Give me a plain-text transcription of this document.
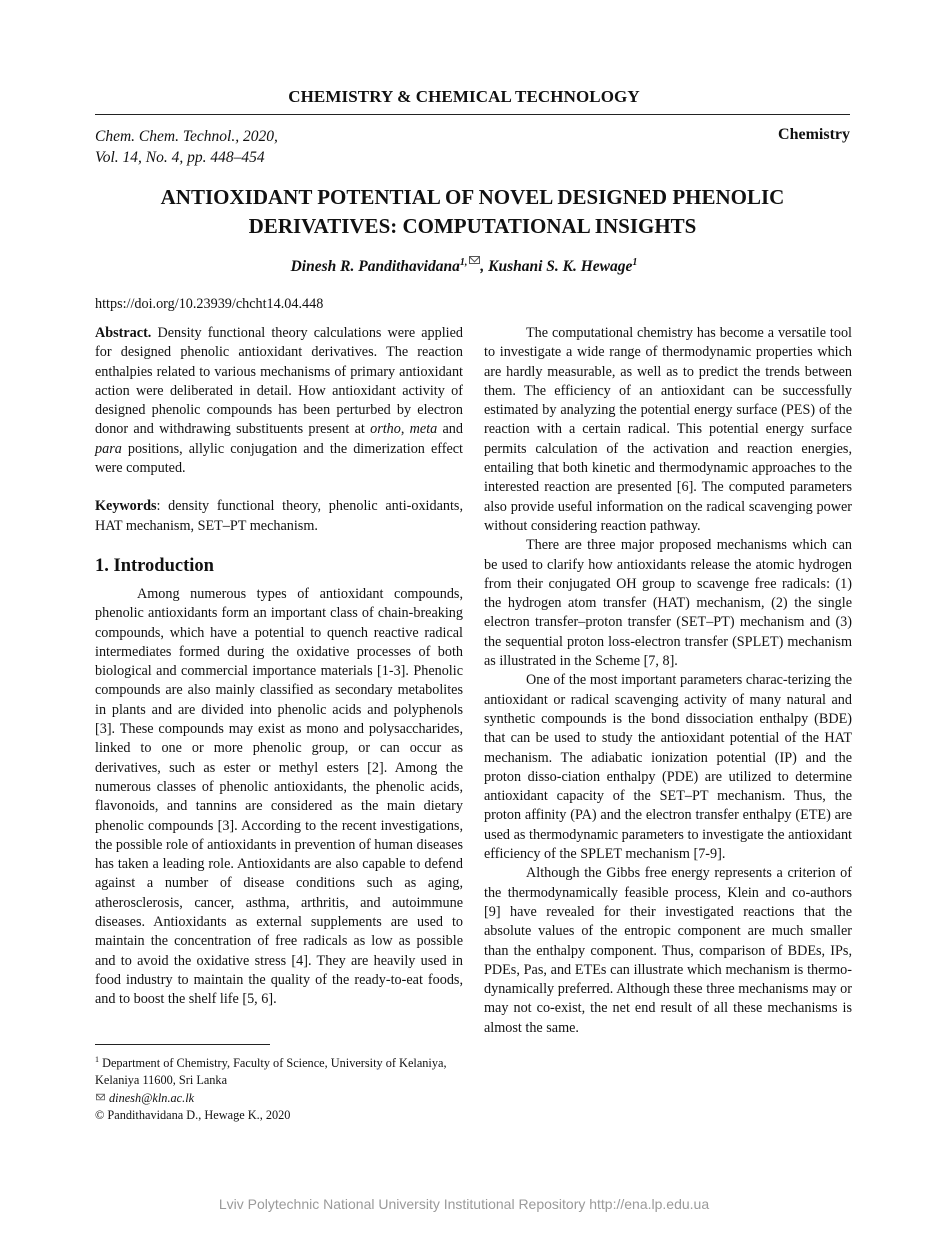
CHEMISTRY & CHEMICAL TECHNOLOGY
Chem. Chem. Technol., 2020,
Vol. 14, No. 4, pp. 448–454
Chemistry
ANTIOXIDANT POTENTIAL OF NOVEL DESIGNED PHENOLIC
DERIVATIVES: COMPUTATIONAL INSIGHTS
Dinesh R. Pandithavidana$^{1,}$ , Kushani S. K. Hewage$^1$
https://doi.org/10.23939/chcht14.04.448

Abstract. Density functional theory calculations were applied for designed phenolic antioxidant derivatives. The reaction enthalpies related to various mechanisms of primary antioxidant action were deliberated in detail. How antioxidant activity of designed phenolic compounds has been perturbed by electron donor and withdrawing substituents present at ortho, meta and para positions, allylic conjugation and the dimerization effect were computed.

Keywords: density functional theory, phenolic anti-oxidants, HAT mechanism, SET–PT mechanism.

1. Introduction

Among numerous types of antioxidant compounds, phenolic antioxidants form an important class of chain-breaking compounds, which have a potential to quench reactive radical intermediates formed during the oxidative processes of both biological and commercial importance materials [1-3]. Phenolic compounds are also mainly classified as secondary metabolites in plants and are divided into phenolic acids and polyphenols [3]. These compounds may exist as mono and polysaccharides, linked to one or more phenolic group, or can occur as derivatives, such as ester or methyl esters [2]. Among the numerous classes of phenolic antioxidants, the phenolic acids, flavonoids, and tannins are considered as the main dietary phenolic compounds [3]. According to the recent investigations, the possible role of antioxidants in prevention of human diseases has taken a leading role. Antioxidants are also capable to defend against a number of disease conditions such as aging, atherosclerosis, cancer, asthma, arthritis, and autoimmune diseases. Antioxidants as external supplements are used to maintain the concentration of free radicals as low as possible and to avoid the oxidative stress [4]. They are heavily used in food industry to maintain the quality of the ready-to-eat foods, and to boost the shelf life [5, 6].

The computational chemistry has become a versatile tool to investigate a wide range of thermodynamic properties which are hardly measurable, as well as to predict the trends between them. The efficiency of an antioxidant can be successfully estimated by analyzing the potential energy surface (PES) of the reaction with a certain radical. This potential energy surface permits calculation of the activation and reaction energies, entailing that both kinetic and thermodynamic approaches to the interested reaction are presented [6]. The computed parameters also provide useful information on the radical scavenging power without considering reaction pathway.

There are three major proposed mechanisms which can be used to clarify how antioxidants release the atomic hydrogen from their conjugated OH group to scavenge free radicals: (1) the hydrogen atom transfer (HAT) mechanism, (2) the single electron transfer–proton transfer (SET–PT) mechanism and (3) the sequential proton loss-electron transfer (SPLET) mechanism as illustrated in the Scheme [7, 8].

One of the most important parameters charac-terizing the antioxidant or radical scavenging activity of many natural and synthetic compounds is the bond dissociation enthalpy (BDE) that can be used to study the antioxidant potential of the HAT mechanism. The adiabatic ionization potential (IP) and the proton disso-ciation enthalpy (PDE) are utilized to determine antioxidant capacity of the SET–PT mechanism. Thus, the proton affinity (PA) and the electron transfer enthalpy (ETE) are used as thermodynamic parameters to investigate the antioxidant efficiency of the SPLET mechanism [7-9].

Although the Gibbs free energy represents a criterion of the thermodynamically feasible process, Klein and co-authors [9] have revealed for their investigated reactions that the absolute values of the entropic component are much smaller than the enthalpy component. Thus, comparison of BDEs, IPs, PDEs, Pas, and ETEs can illustrate which mechanism is thermo-dynamically preferred. Although these three mechanisms may or may not co-exist, the net end result of all these mechanisms is almost the same.

$^1$ Department of Chemistry, Faculty of Science, University of Kelaniya, Kelaniya 11600, Sri Lanka
dinesh@kln.ac.lk
© Pandithavidana D., Hewage K., 2020
Lviv Polytechnic National University Institutional Repository http://ena.lp.edu.ua
